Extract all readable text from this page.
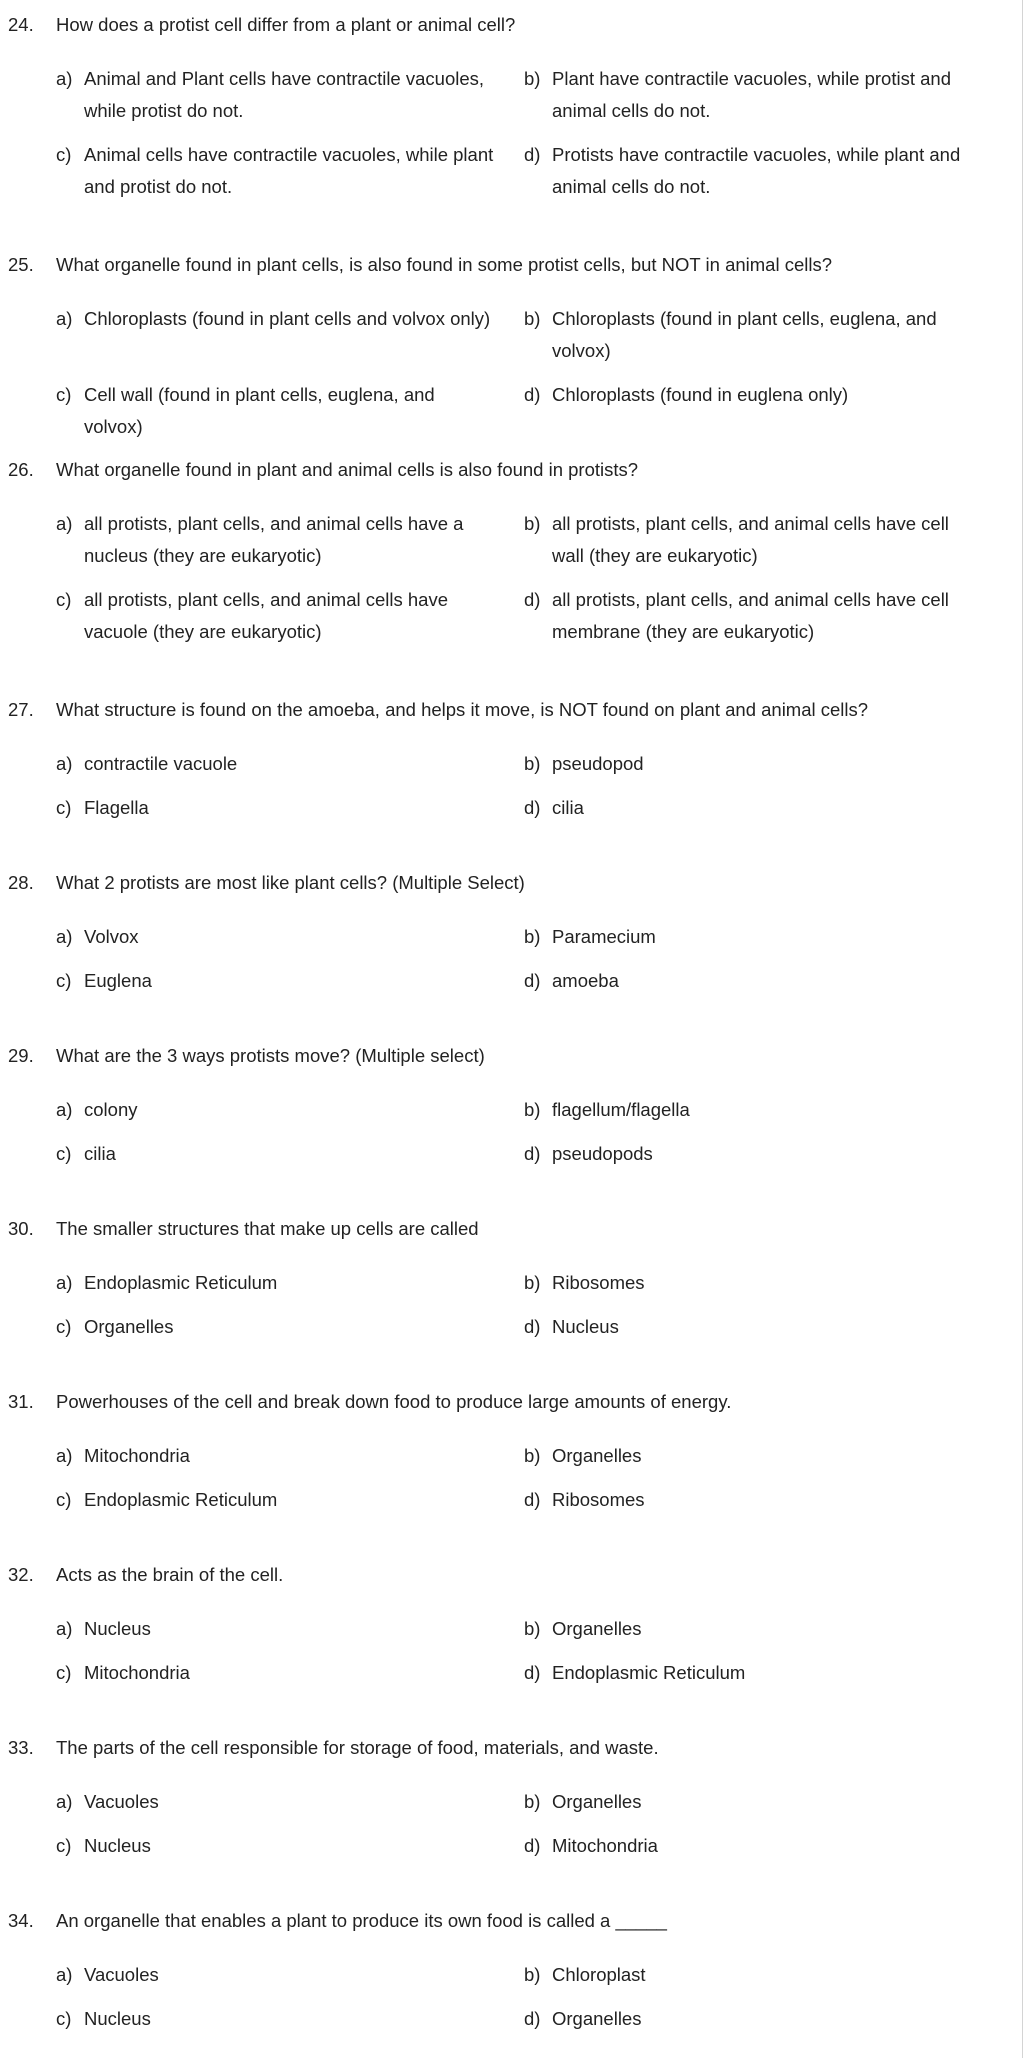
24. How does a protist cell differ from a plant or animal cell?
a) Animal and Plant cells have contractile vacuoles, while protist do not.
b) Plant have contractile vacuoles, while protist and animal cells do not.
c) Animal cells have contractile vacuoles, while plant and protist do not.
d) Protists have contractile vacuoles, while plant and animal cells do not.
25. What organelle found in plant cells, is also found in some protist cells, but NOT in animal cells?
a) Chloroplasts (found in plant cells and volvox only)	b) Chloroplasts (found in plant cells, euglena, and volvox)
c) Cell wall (found in plant cells, euglena, and volvox)
d) Chloroplasts (found in euglena only)
26. What organelle found in plant and animal cells is also found in protists?
a) all protists, plant cells, and animal cells have a nucleus (they are eukaryotic)
b) all protists, plant cells, and animal cells have cell wall (they are eukaryotic)
c) all protists, plant cells, and animal cells have vacuole (they are eukaryotic)
d) all protists, plant cells, and animal cells have cell membrane (they are eukaryotic)
27. What structure is found on the amoeba, and helps it move, is NOT found on plant and animal cells?
a) contractile vacuole	b) pseudopod
c) Flagella	d) cilia
28. What 2 protists are most like plant cells? (Multiple Select)
a) Volvox	b) Paramecium
c) Euglena	d) amoeba
29. What are the 3 ways protists move? (Multiple select)
a) colony	b) flagellum/flagella
c) cilia	d) pseudopods
30. The smaller structures that make up cells are called
a) Endoplasmic Reticulum	b) Ribosomes
c) Organelles	d) Nucleus
31. Powerhouses of the cell and break down food to produce large amounts of energy.
a) Mitochondria	b) Organelles
c) Endoplasmic Reticulum	d) Ribosomes
32. Acts as the brain of the cell.
a) Nucleus	b) Organelles
c) Mitochondria	d) Endoplasmic Reticulum
33. The parts of the cell responsible for storage of food, materials, and waste.
a) Vacuoles	b) Organelles
c) Nucleus	d) Mitochondria
34. An organelle that enables a plant to produce its own food is called a _____
a) Vacuoles	b) Chloroplast
c) Nucleus	d) Organelles
